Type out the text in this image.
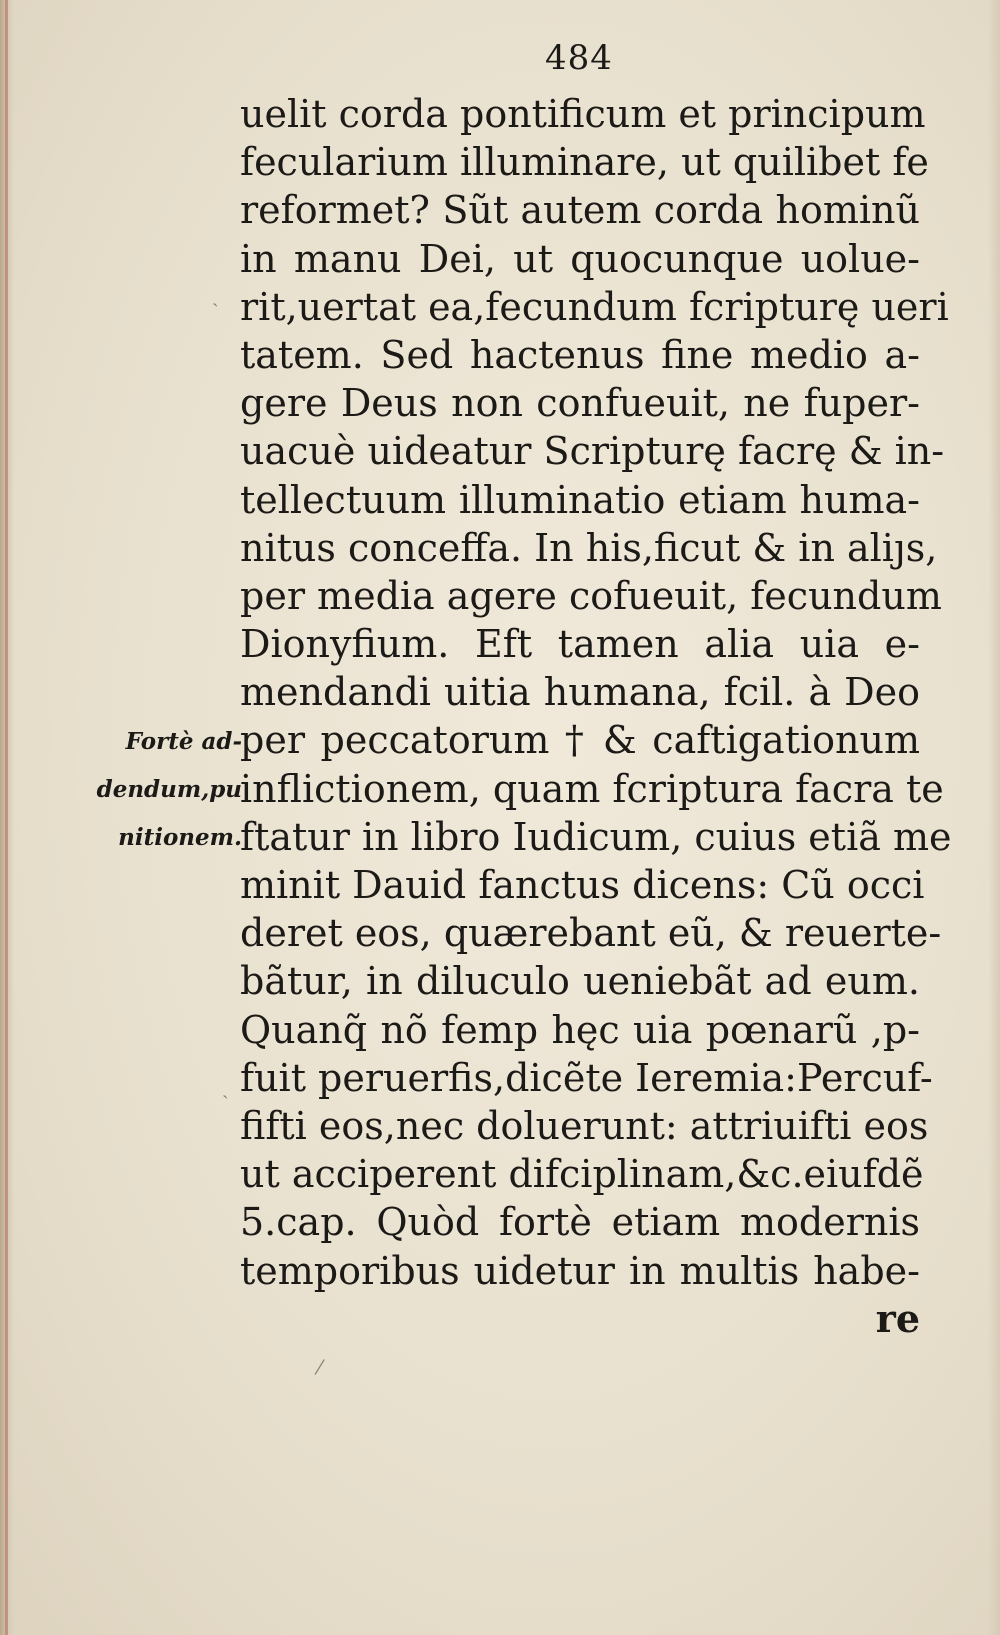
484

uelit corda pontificum et principum
fecularium illuminare, ut quilibet fe
reformet? Sũt autem corda hominũ
in manu Dei, ut quocunque uolue-
rit,uertat ea,fecundum fcripturę ueri
tatem. Sed hactenus fine medio a-
gere Deus non confueuit, ne fuper-
uacuè uideatur Scripturę facrę & in-
tellectuum illuminatio etiam huma-
nitus conceffa. In his,ficut & in aliȷs,
per media agere cofueuit, fecundum
Dionyfium. Eft tamen alia uia e-
mendandi uitia humana, fcil. à Deo
per peccatorum † & caftigationum
inflictionem, quam fcriptura facra te
ftatur in libro Iudicum, cuius etiã me
minit Dauid fanctus dicens: Cũ occi
deret eos, quærebant eũ, & reuerte-
bãtur, in diluculo ueniebãt ad eum.
Quanq̃ nõ femp hęc uia pœnarũ ,p-
fuit peruerfis,dicẽte Ieremia:Percuf-
fifti eos,nec doluerunt: attriuifti eos
ut acciperent difciplinam,&c.eiufdẽ
5.cap. Quòd fortè etiam modernis
temporibus uidetur in multis habe-
re
Fortè ad-
dendum,pu
nitionem.
ˏ
ˏ
⁄
